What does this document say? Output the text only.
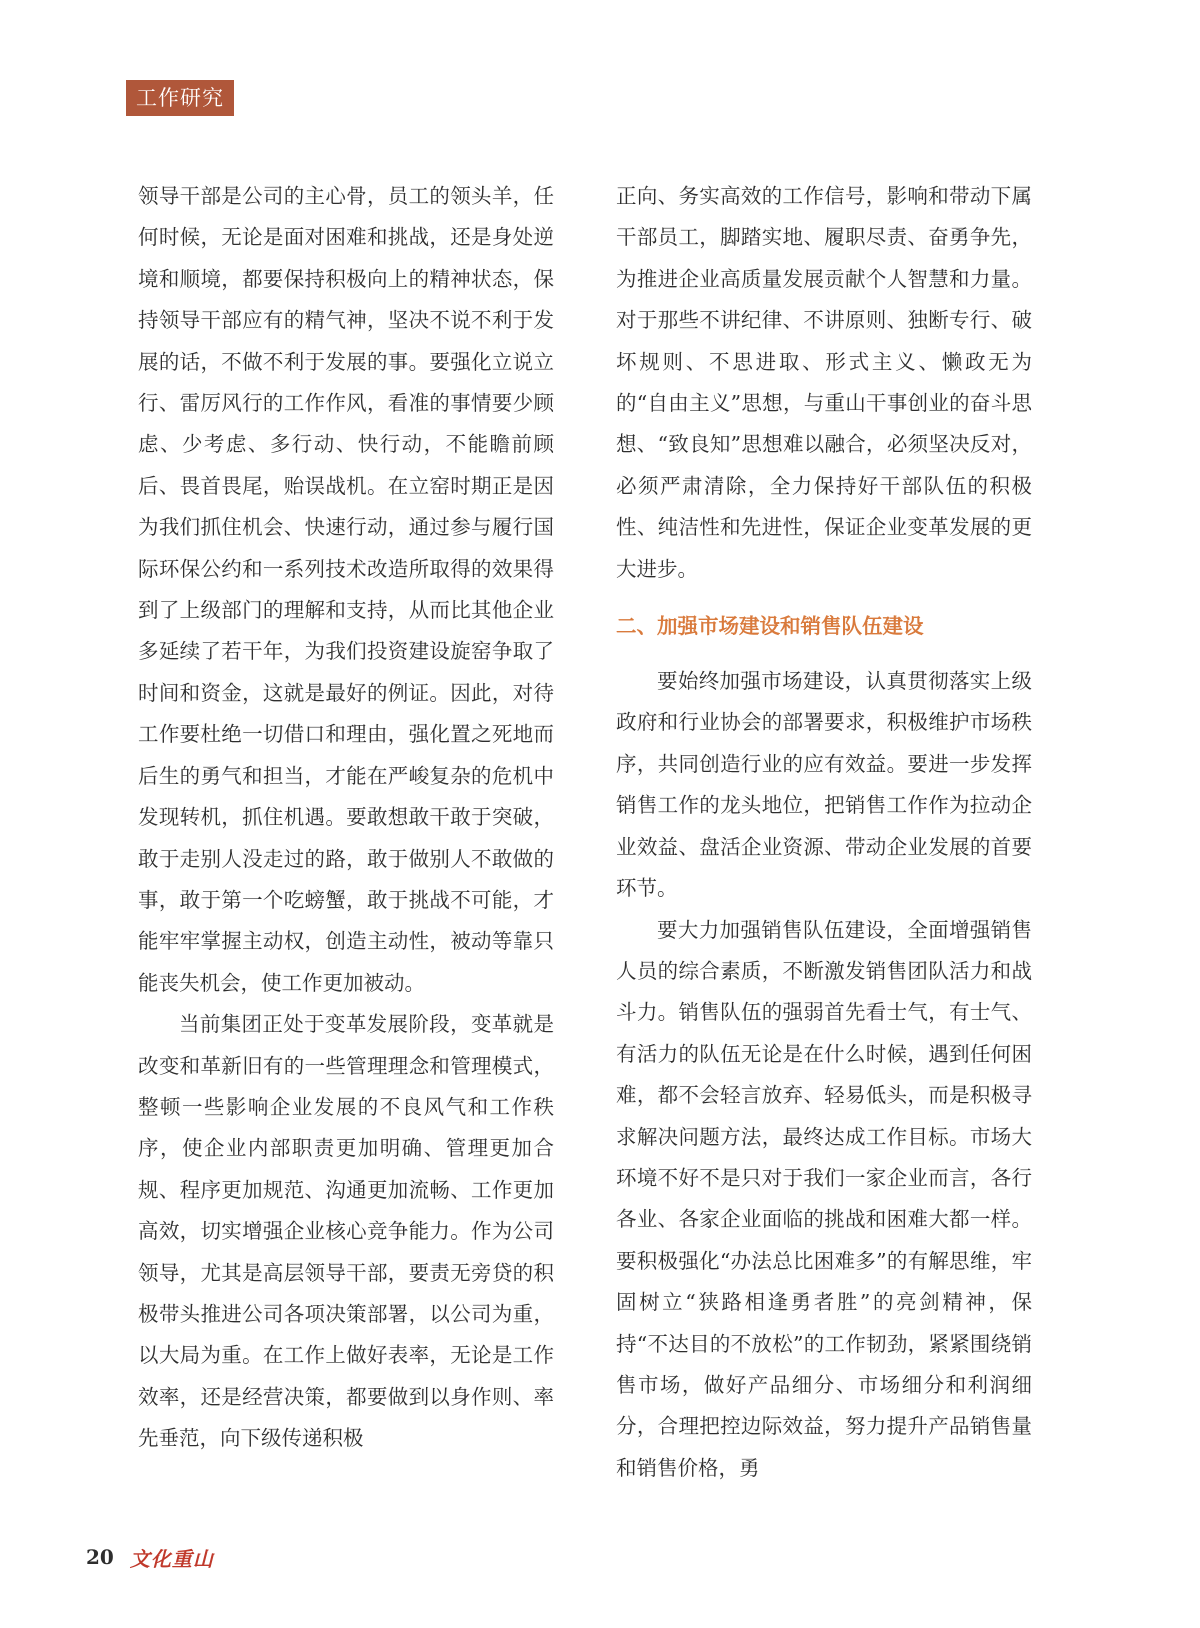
工作研究

领导干部是公司的主心骨，员工的领头羊，任何时候，无论是面对困难和挑战，还是身处逆境和顺境，都要保持积极向上的精神状态，保持领导干部应有的精气神，坚决不说不利于发展的话，不做不利于发展的事。要强化立说立行、雷厉风行的工作作风，看准的事情要少顾虑、少考虑、多行动、快行动，不能瞻前顾后、畏首畏尾，贻误战机。在立窑时期正是因为我们抓住机会、快速行动，通过参与履行国际环保公约和一系列技术改造所取得的效果得到了上级部门的理解和支持，从而比其他企业多延续了若干年，为我们投资建设旋窑争取了时间和资金，这就是最好的例证。因此，对待工作要杜绝一切借口和理由，强化置之死地而后生的勇气和担当，才能在严峻复杂的危机中发现转机，抓住机遇。要敢想敢干敢于突破，敢于走别人没走过的路，敢于做别人不敢做的事，敢于第一个吃螃蟹，敢于挑战不可能，才能牢牢掌握主动权，创造主动性，被动等靠只能丧失机会，使工作更加被动。

当前集团正处于变革发展阶段，变革就是改变和革新旧有的一些管理理念和管理模式，整顿一些影响企业发展的不良风气和工作秩序，使企业内部职责更加明确、管理更加合规、程序更加规范、沟通更加流畅、工作更加高效，切实增强企业核心竞争能力。作为公司领导，尤其是高层领导干部，要责无旁贷的积极带头推进公司各项决策部署，以公司为重，以大局为重。在工作上做好表率，无论是工作效率，还是经营决策，都要做到以身作则、率先垂范，向下级传递积极

正向、务实高效的工作信号，影响和带动下属干部员工，脚踏实地、履职尽责、奋勇争先，为推进企业高质量发展贡献个人智慧和力量。对于那些不讲纪律、不讲原则、独断专行、破坏规则、不思进取、形式主义、懒政无为的“自由主义”思想，与重山干事创业的奋斗思想、“致良知”思想难以融合，必须坚决反对，必须严肃清除，全力保持好干部队伍的积极性、纯洁性和先进性，保证企业变革发展的更大进步。

二、加强市场建设和销售队伍建设

要始终加强市场建设，认真贯彻落实上级政府和行业协会的部署要求，积极维护市场秩序，共同创造行业的应有效益。要进一步发挥销售工作的龙头地位，把销售工作作为拉动企业效益、盘活企业资源、带动企业发展的首要环节。

要大力加强销售队伍建设，全面增强销售人员的综合素质，不断激发销售团队活力和战斗力。销售队伍的强弱首先看士气，有士气、有活力的队伍无论是在什么时候，遇到任何困难，都不会轻言放弃、轻易低头，而是积极寻求解决问题方法，最终达成工作目标。市场大环境不好不是只对于我们一家企业而言，各行各业、各家企业面临的挑战和困难大都一样。要积极强化“办法总比困难多”的有解思维，牢固树立“狭路相逢勇者胜”的亮剑精神，保持“不达目的不放松”的工作韧劲，紧紧围绕销售市场，做好产品细分、市场细分和利润细分，合理把控边际效益，努力提升产品销售量和销售价格，勇

20 文化重山
